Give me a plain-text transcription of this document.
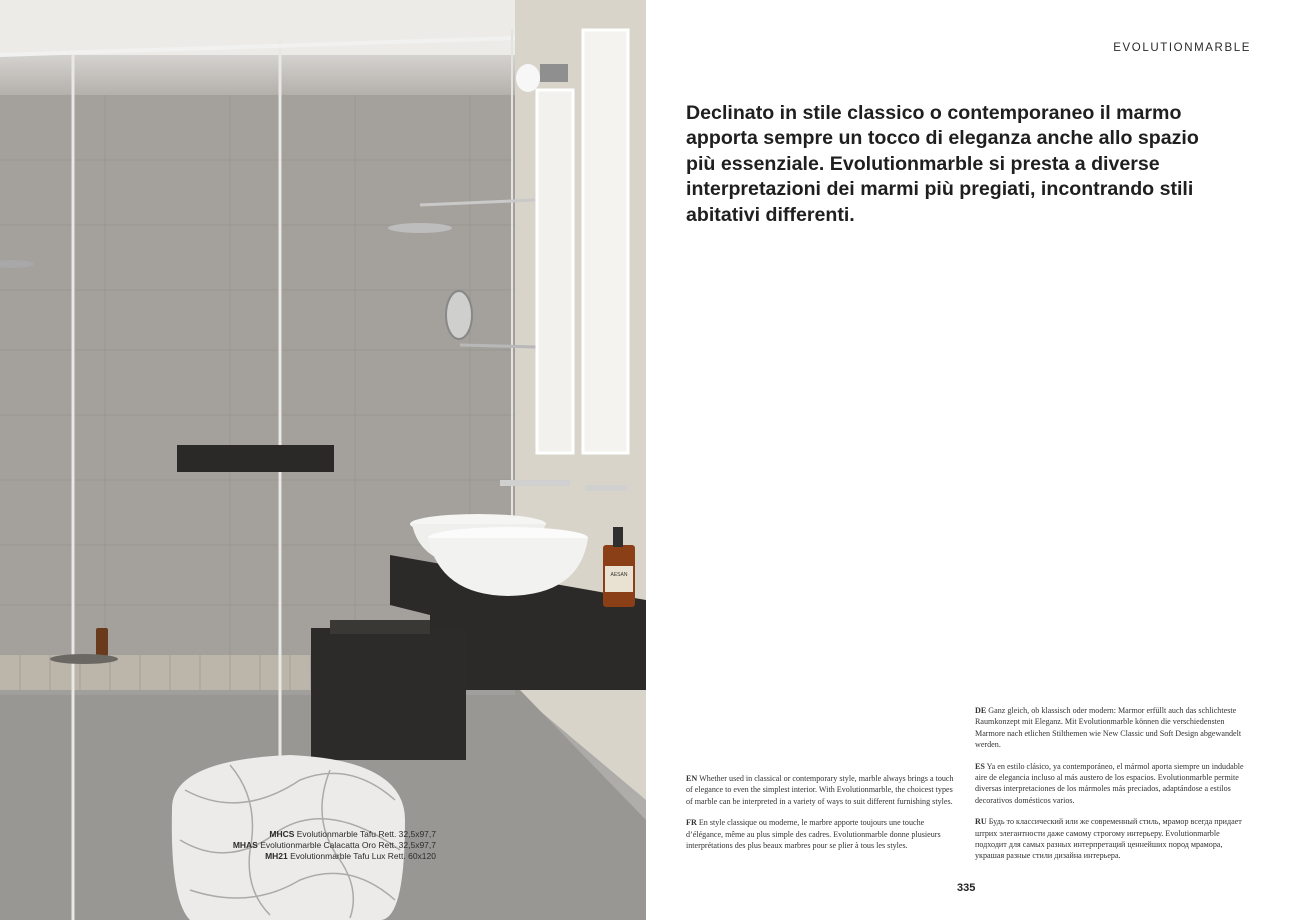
AESAN
MHCS Evolutionmarble Tafu Rett. 32,5x97,7
MHAS Evolutionmarble Calacatta Oro Rett. 32,5x97,7
MH21 Evolutionmarble Tafu Lux Rett. 60x120
EVOLUTIONMARBLE
Declinato in stile classico o contemporaneo il marmo apporta sempre un tocco di eleganza anche allo spazio più essenziale. Evolutionmarble si presta a diverse interpretazioni dei marmi più pregiati, incontrando stili abitativi differenti.

EN Whether used in classical or contemporary style, marble always brings a touch of elegance to even the simplest interior. With Evolutionmarble, the choicest types of marble can be interpreted in a variety of ways to suit different furnishing styles.

FR En style classique ou moderne, le marbre apporte toujours une touche d’élégance, même au plus simple des cadres. Evolutionmarble donne plusieurs interprétations des plus beaux marbres pour se plier à tous les styles.

DE Ganz gleich, ob klassisch oder modern: Marmor erfüllt auch das schlichteste Raumkonzept mit Eleganz. Mit Evolutionmarble können die verschiedensten Marmore nach etlichen Stilthemen wie New Classic und Soft Design abgewandelt werden.

ES Ya en estilo clásico, ya contemporáneo, el mármol aporta siempre un indudable aire de elegancia incluso al más austero de los espacios. Evolutionmarble permite diversas interpretaciones de los mármoles más preciados, adaptándose a estilos decorativos domésticos varios.

RU Будь то классический или же современный стиль, мрамор всегда придает штрих элегантности даже самому строгому интерьеру. Evolutionmarble подходит для самых разных интерпретаций ценнейших пород мрамора, украшая разные стили дизайна интерьера.

335
